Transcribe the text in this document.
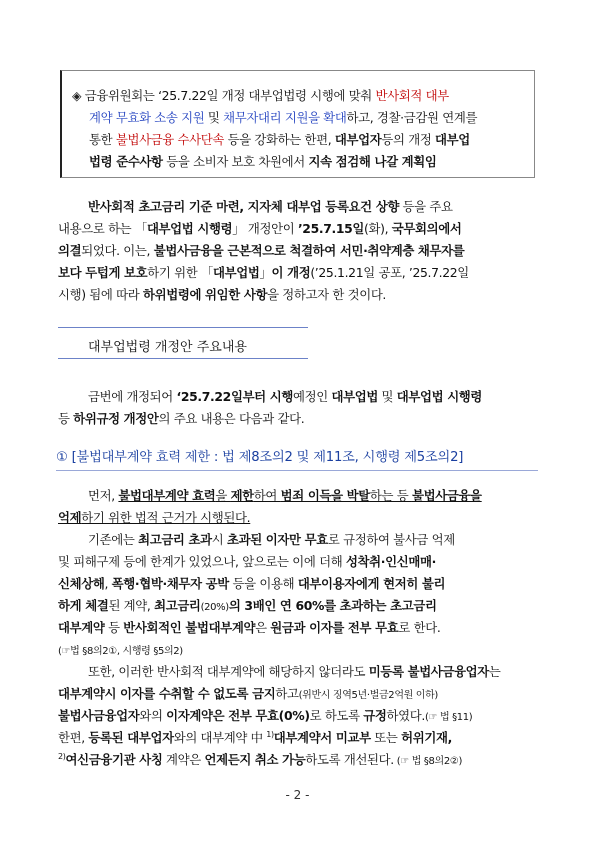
◈ 금융위원회는 ‘25.7.22일 개정 대부업법령 시행에 맞춰 반사회적 대부
계약 무효화 소송 지원 및 채무자대리 지원을 확대하고, 경찰·금감원 연계를
통한 불법사금융 수사단속 등을 강화하는 한편, 대부업자등의 개정 대부업
법령 준수사항 등을 소비자 보호 차원에서 지속 점검해 나갈 계획임
반사회적 초고금리 기준 마련, 지자체 대부업 등록요건 상향 등을 주요
내용으로 하는 「대부업법 시행령」 개정안이 ’25.7.15일(화), 국무회의에서
의결되었다. 이는, 불법사금융을 근본적으로 척결하여 서민·취약계층 채무자를
보다 두텁게 보호하기 위한 「대부업법」이 개정(’25.1.21일 공포, ’25.7.22일
시행) 됨에 따라 하위법령에 위임한 사항을 정하고자 한 것이다.
대부업법령 개정안 주요내용
금번에 개정되어 ‘25.7.22일부터 시행예정인 대부업법 및 대부업법 시행령
등 하위규정 개정안의 주요 내용은 다음과 같다.
① [불법대부계약 효력 제한 : 법 제8조의2 및 제11조, 시행령 제5조의2]
먼저, 불법대부계약 효력을 제한하여 범죄 이득을 박탈하는 등 불법사금융을
억제하기 위한 법적 근거가 시행된다.
기존에는 최고금리 초과시 초과된 이자만 무효로 규정하여 불사금 억제
및 피해구제 등에 한계가 있었으나, 앞으로는 이에 더해 성착취·인신매매·
신체상해, 폭행·협박·채무자 공박 등을 이용해 대부이용자에게 현저히 불리
하게 체결된 계약, 최고금리(20%)의 3배인 연 60%를 초과하는 초고금리
대부계약 등 반사회적인 불법대부계약은 원금과 이자를 전부 무효로 한다.
(☞법 §8의2①, 시행령 §5의2)
또한, 이러한 반사회적 대부계약에 해당하지 않더라도 미등록 불법사금융업자는
대부계약시 이자를 수취할 수 없도록 금지하고(위반시 징역5년·벌금2억원 이하)
불법사금융업자와의 이자계약은 전부 무효(0%)로 하도록 규정하였다.(☞ 법 §11)
한편, 등록된 대부업자와의 대부계약 中 $^{1)}$대부계약서 미교부 또는 허위기재,
$^{2)}$여신금융기관 사칭 계약은 언제든지 취소 가능하도록 개선된다. (☞ 법 §8의2②)
- 2 -
